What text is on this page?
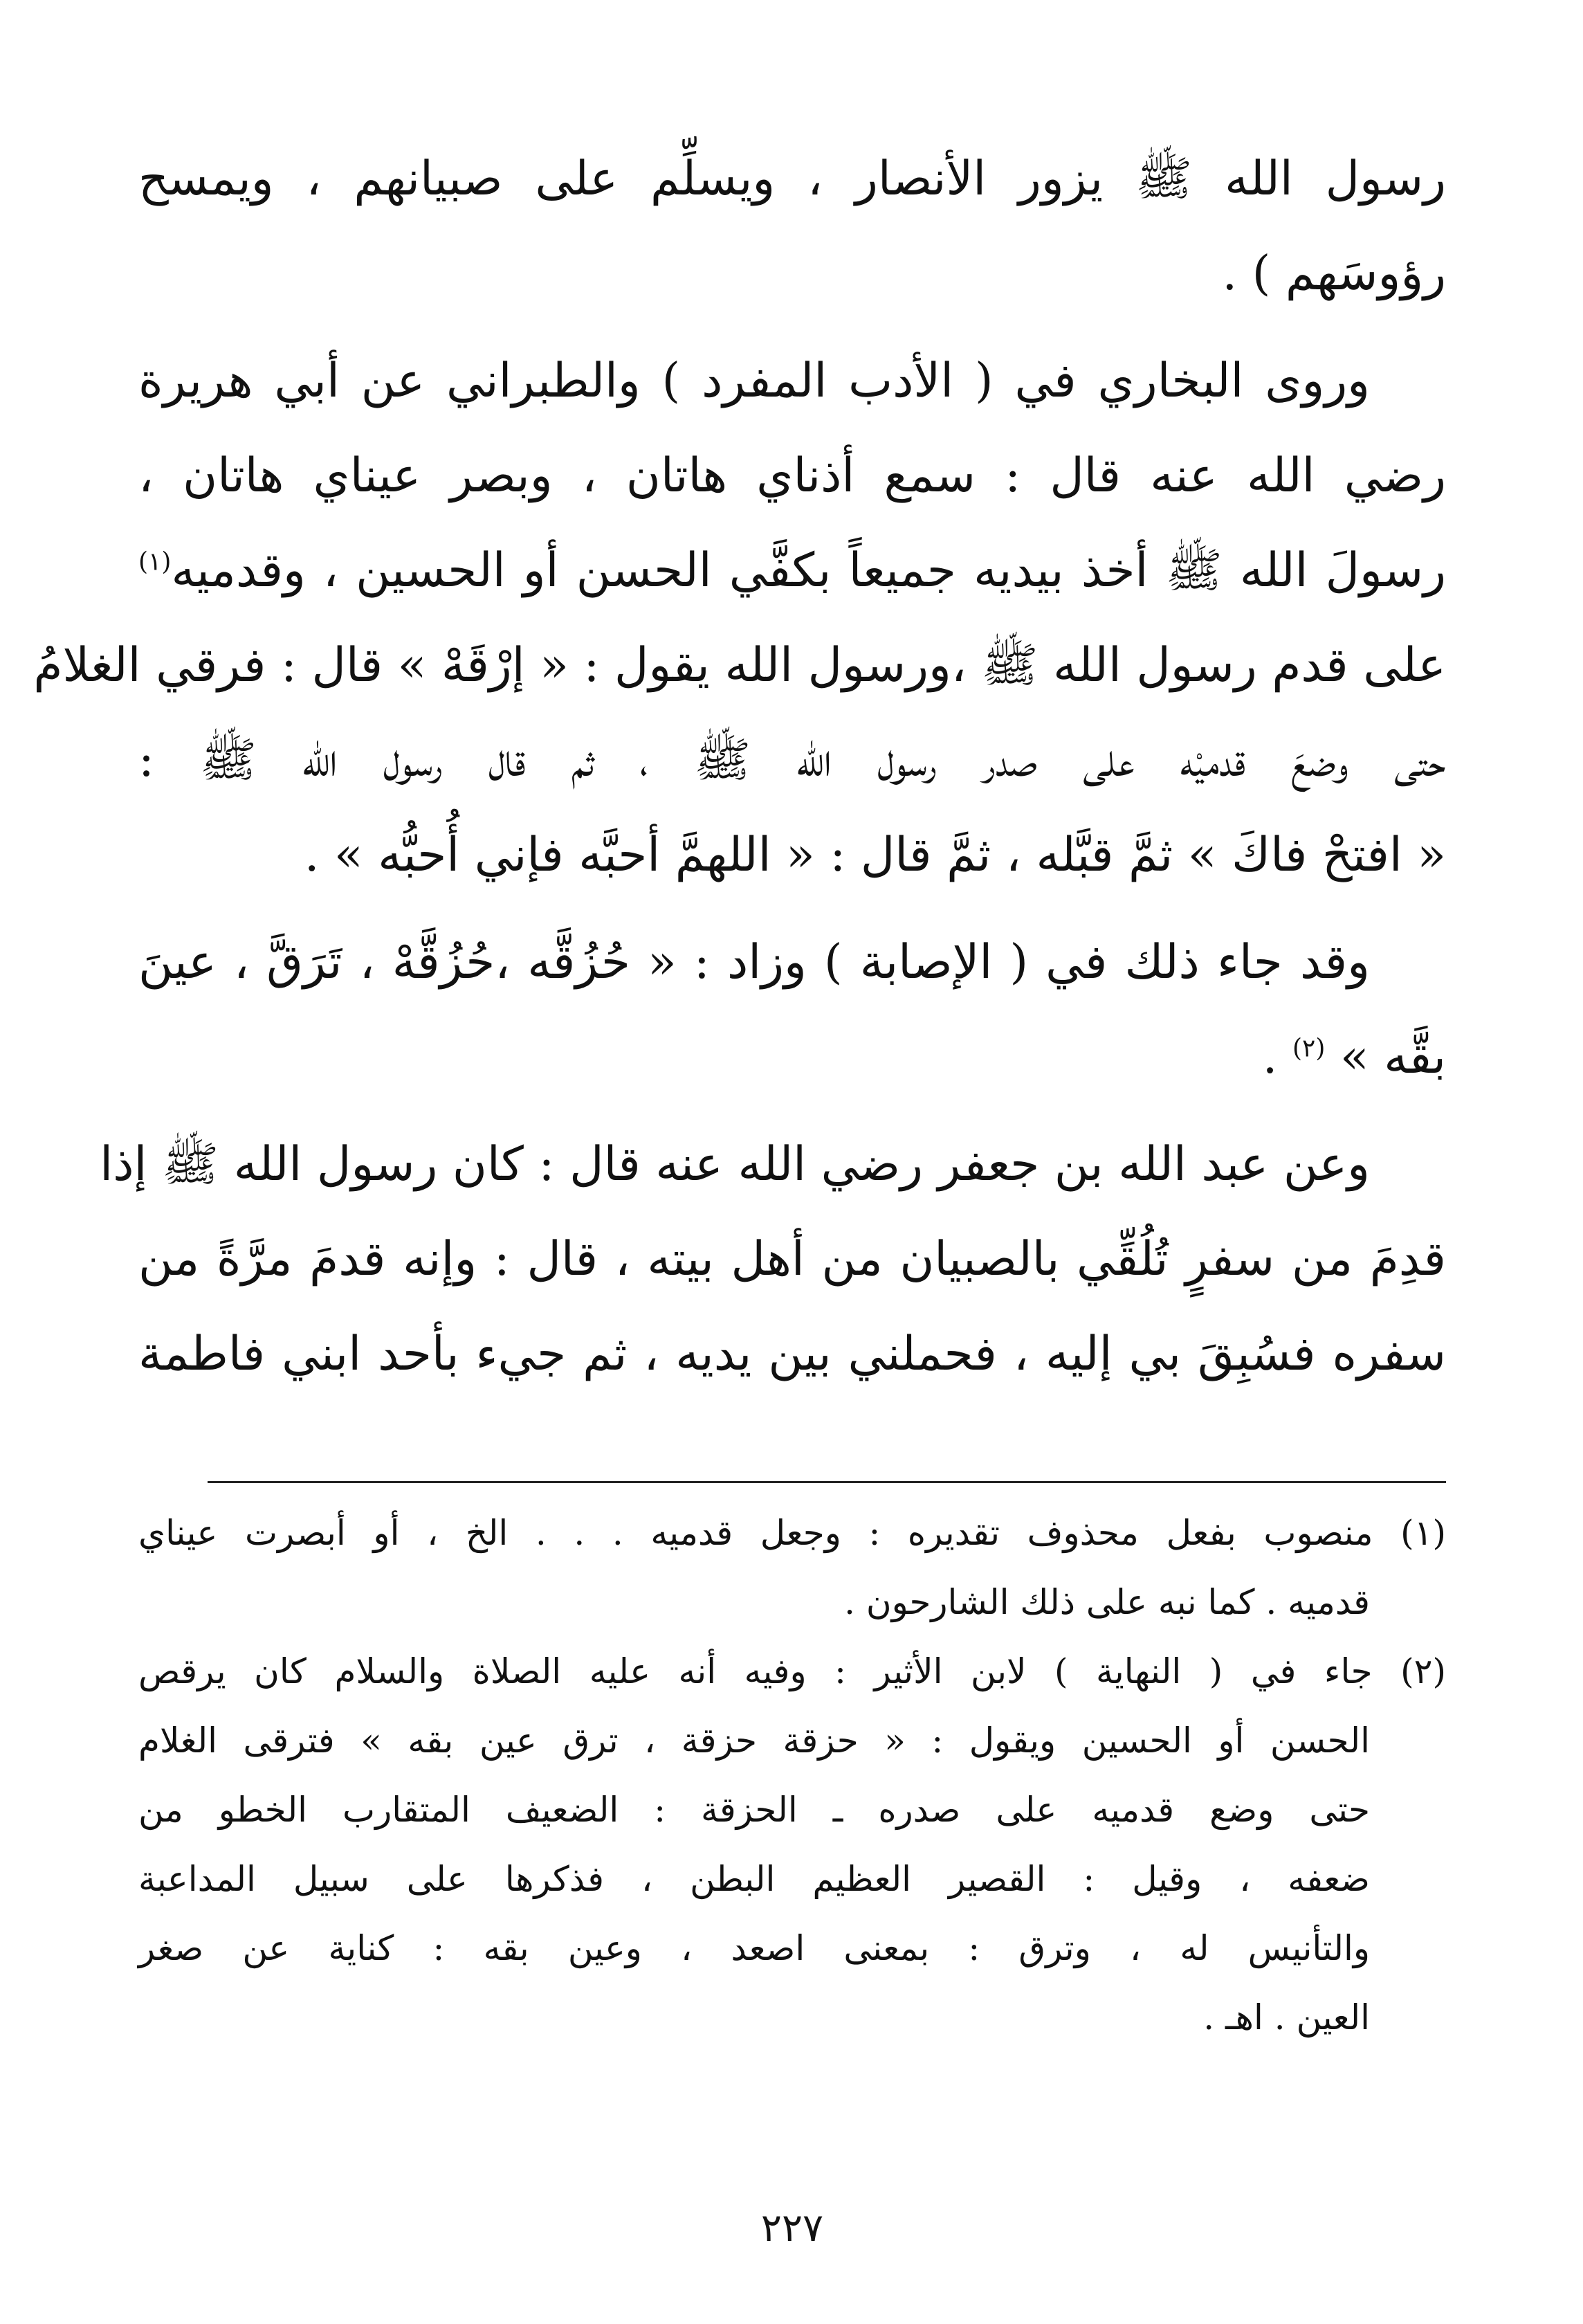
رسول الله ﷺ يزور الأنصار ، ويسلِّم على صبيانهم ، ويمسح
رؤوسَهم ) .
وروى البخاري في ( الأدب المفرد ) والطبراني عن أبي هريرة
رضي الله عنه قال : سمع أذناي هاتان ، وبصر عيناي هاتان ،
رسولَ الله ﷺ أخذ بيديه جميعاً بكفَّي الحسن أو الحسين ، وقدميه$^{(١)}$
على قدم رسول الله ﷺ ،ورسول الله يقول : « إرْقَهْ » قال : فرقي الغلامُ
حتى وضعَ قدميْه على صدر رسول الله ﷺ ، ثم قال رسول الله ﷺ :
« افتحْ فاكَ » ثمَّ قبَّله ، ثمَّ قال : « اللهمَّ أحبَّه فإني أُحبُّه » .
وقد جاء ذلك في ( الإصابة ) وزاد : « حُزُقَّه ،حُزُقَّهْ ، تَرَقَّ ، عينَ
بقَّه » $^{(٢)}$ .
وعن عبد الله بن جعفر رضي الله عنه قال : كان رسول الله ﷺ إذا
قدِمَ من سفرٍ تُلُقِّي بالصبيان من أهل بيته ، قال : وإنه قدمَ مرَّةً من
سفره فسُبِقَ بي إليه ، فحملني بين يديه ، ثم جيء بأحد ابني فاطمة
(١) منصوب بفعل محذوف تقديره : وجعل قدميه . . . الخ ، أو أبصرت عيناي
قدميه . كما نبه على ذلك الشارحون .
(٢) جاء في ( النهاية ) لابن الأثير : وفيه أنه عليه الصلاة والسلام كان يرقص
الحسن أو الحسين ويقول : « حزقة حزقة ، ترق عين بقه » فترقى الغلام
حتى وضع قدميه على صدره ـ الحزقة : الضعيف المتقارب الخطو من
ضعفه ، وقيل : القصير العظيم البطن ، فذكرها على سبيل المداعبة
والتأنيس له ، وترق : بمعنى اصعد ، وعين بقه : كناية عن صغر
العين . اهـ .
٢٢٧
